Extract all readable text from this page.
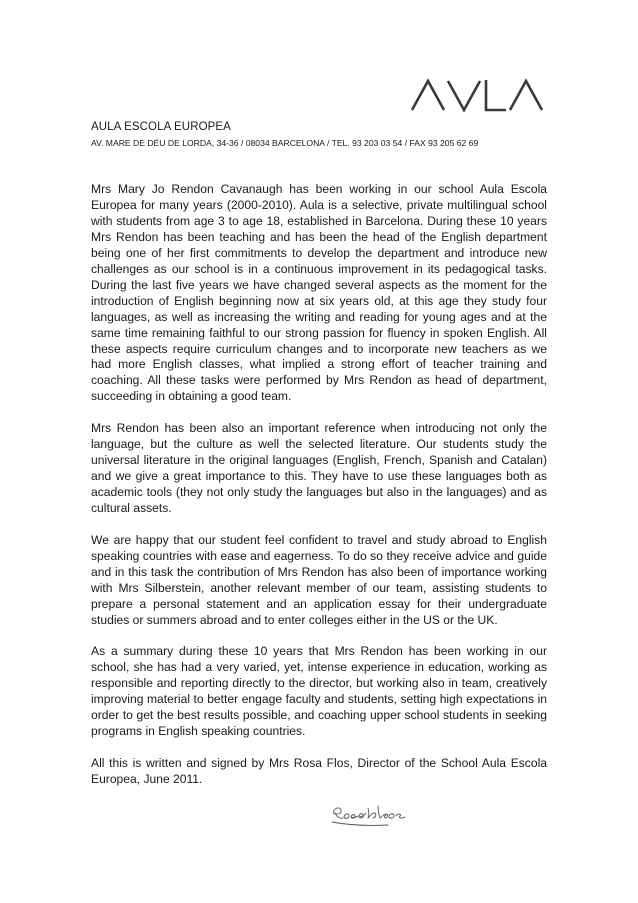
AULA ESCOLA EUROPEA
AV. MARE DE DÉU DE LORDA, 34-36 / 08034 BARCELONA / TEL. 93 203 03 54 / FAX 93 205 62 69

Mrs Mary Jo Rendon Cavanaugh has been working in our school Aula Escola Europea for many years (2000-2010). Aula is a selective, private multilingual school with students from age 3 to age 18, established in Barcelona. During these 10 years Mrs Rendon has been teaching and has been the head of the English department being one of her first commitments to develop the department and introduce new challenges as our school is in a continuous improvement in its pedagogical tasks. During the last five years we have changed several aspects as the moment for the introduction of English beginning now at six years old, at this age they study four languages, as well as increasing the writing and reading for young ages and at the same time remaining faithful to our strong passion for fluency in spoken English. All these aspects require curriculum changes and to incorporate new teachers as we had more English classes, what implied a strong effort of teacher training and coaching. All these tasks were performed by Mrs Rendon as head of department, succeeding in obtaining a good team.

Mrs Rendon has been also an important reference when introducing not only the language, but the culture as well the selected literature. Our students study the universal literature in the original languages (English, French, Spanish and Catalan) and we give a great importance to this. They have to use these languages both as academic tools (they not only study the languages but also in the languages) and as cultural assets.

We are happy that our student feel confident to travel and study abroad to English speaking countries with ease and eagerness. To do so they receive advice and guide and in this task the contribution of Mrs Rendon has also been of importance working with Mrs Silberstein, another relevant member of our team, assisting students to prepare a personal statement and an application essay for their undergraduate studies or summers abroad and to enter colleges either in the US or the UK.

As a summary during these 10 years that Mrs Rendon has been working in our school, she has had a very varied, yet, intense experience in education, working as responsible and reporting directly to the director, but working also in team, creatively improving material to better engage faculty and students, setting high expectations in order to get the best results possible, and coaching upper school students in seeking programs in English speaking countries.

All this is written and signed by Mrs Rosa Flos, Director of the School Aula Escola Europea, June 2011.
